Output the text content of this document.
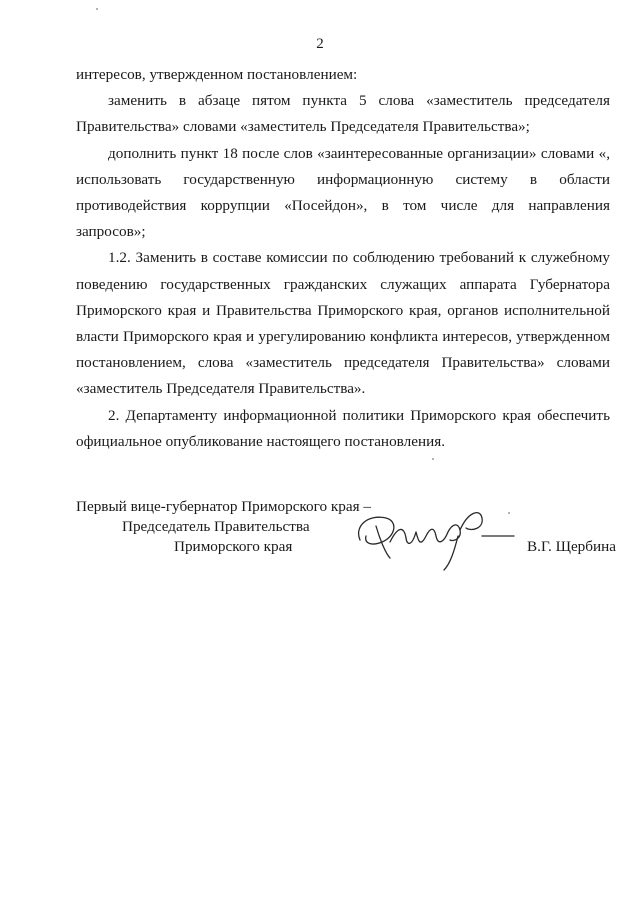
2

интересов, утвержденном постановлением:

заменить в абзаце пятом пункта 5 слова «заместитель председателя Правительства» словами «заместитель Председателя Правительства»;

дополнить пункт 18 после слов «заинтересованные организации» словами «, использовать государственную информационную систему в области противодействия коррупции «Посейдон», в том числе для направления запросов»;

1.2. Заменить в составе комиссии по соблюдению требований к служебному поведению государственных гражданских служащих аппарата Губернатора Приморского края и Правительства Приморского края, органов исполнительной власти Приморского края и урегулированию конфликта интересов, утвержденном постановлением, слова «заместитель председателя Правительства» словами «заместитель Председателя Правительства».

2. Департаменту информационной политики Приморского края обеспечить официальное опубликование настоящего постановления.

Первый вице-губернатор Приморского края –
Председатель Правительства
Приморского края	В.Г. Щербина
